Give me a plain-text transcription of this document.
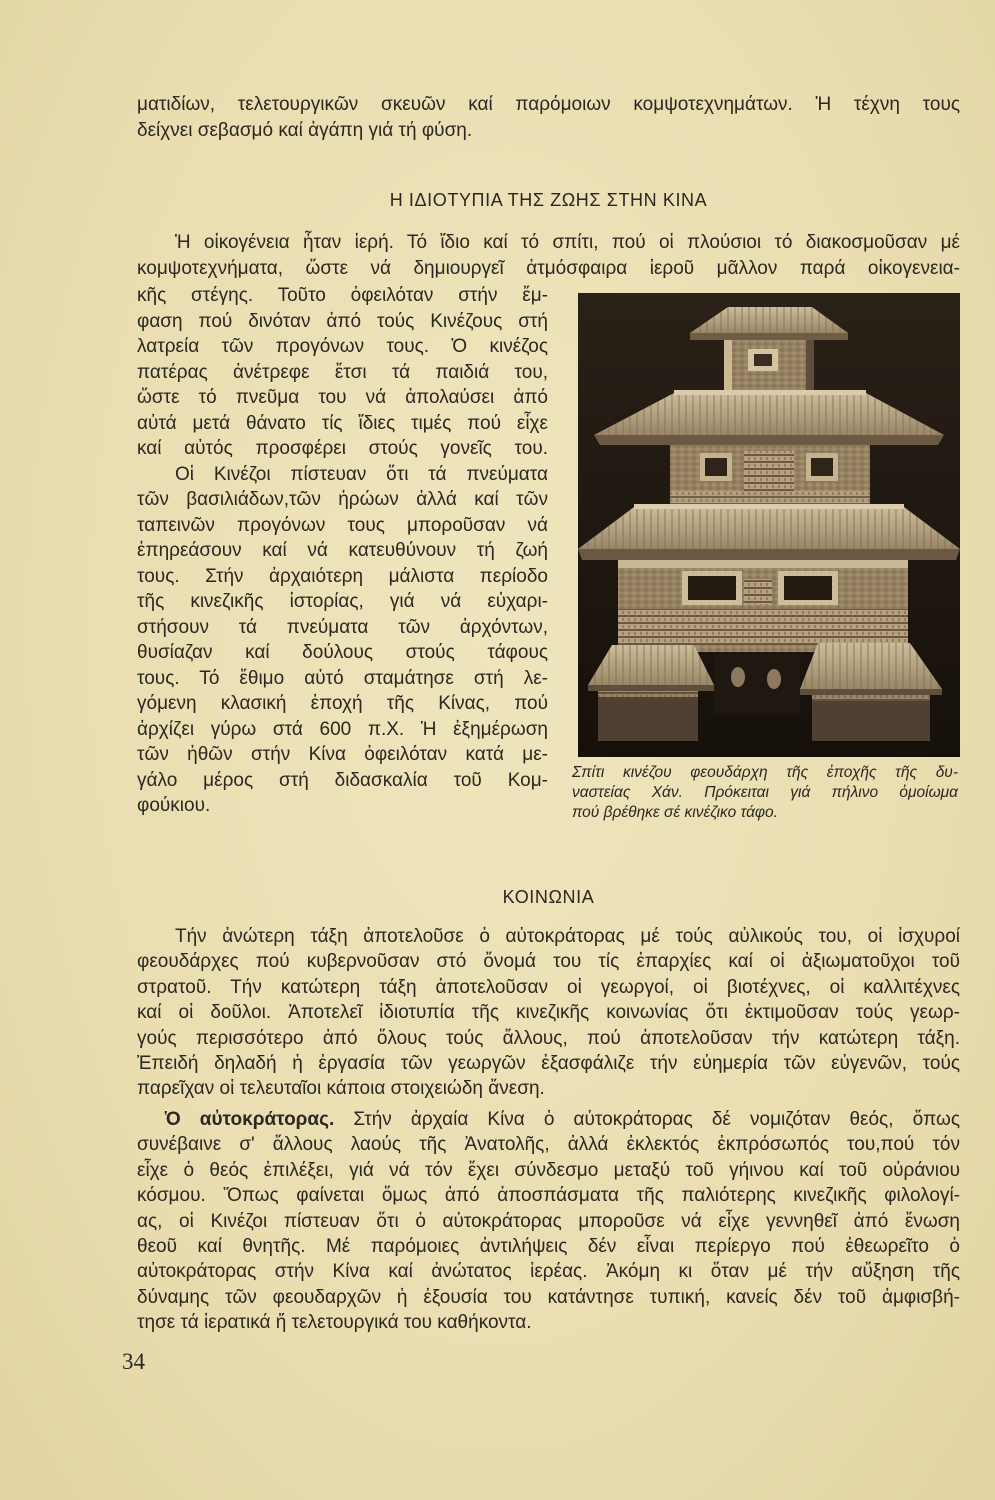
ματιδίων, τελετουργικῶν σκευῶν καί παρόμοιων κομψοτεχνημάτων. Ἡ τέχνη τους
δείχνει σεβασμό καί ἀγάπη γιά τή φύση.
Η ΙΔΙΟΤΥΠΙΑ ΤΗΣ ΖΩΗΣ ΣΤΗΝ ΚΙΝΑ
Ἡ οἰκογένεια ἦταν ἱερή. Τό ἴδιο καί τό σπίτι, πού οἱ πλούσιοι τό διακοσμοῦσαν μέ
κομψοτεχνήματα, ὥστε νά δημιουργεῖ ἀτμόσφαιρα ἱεροῦ μᾶλλον παρά οἰκογενεια-
κῆς στέγης. Τοῦτο ὀφειλόταν στήν ἔμ-
φαση πού δινόταν ἀπό τούς Κινέζους στή
λατρεία τῶν προγόνων τους. Ὁ κινέζος
πατέρας ἀνέτρεφε ἔτσι τά παιδιά του,
ὥστε τό πνεῦμα του νά ἀπολαύσει ἀπό
αὐτά μετά θάνατο τίς ἴδιες τιμές πού εἶχε
καί αὐτός προσφέρει στούς γονεῖς του.
Οἱ Κινέζοι πίστευαν ὅτι τά πνεύματα
τῶν βασιλιάδων,τῶν ἡρώων ἀλλά καί τῶν
ταπεινῶν προγόνων τους μποροῦσαν νά
ἐπηρεάσουν καί νά κατευθύνουν τή ζωή
τους. Στήν ἀρχαιότερη μάλιστα περίοδο
τῆς κινεζικῆς ἱστορίας, γιά νά εὐχαρι-
στήσουν τά πνεύματα τῶν ἀρχόντων,
θυσίαζαν καί δούλους στούς τάφους
τους. Τό ἔθιμο αὐτό σταμάτησε στή λε-
γόμενη κλασική ἐποχή τῆς Κίνας, πού
ἀρχίζει γύρω στά 600 π.Χ. Ἡ ἐξημέρωση
τῶν ἠθῶν στήν Κίνα ὀφειλόταν κατά με-
γάλο μέρος στή διδασκαλία τοῦ Κομ-
φούκιου.
Σπίτι κινέζου φεουδάρχη τῆς ἐποχῆς τῆς δυ-
ναστείας Χάν. Πρόκειται γιά πήλινο ὁμοίωμα
πού βρέθηκε σέ κινέζικο τάφο.
ΚΟΙΝΩΝΙΑ
Τήν ἀνώτερη τάξη ἀποτελοῦσε ὁ αὐτοκράτορας μέ τούς αὐλικούς του, οἱ ἰσχυροί
φεουδάρχες πού κυβερνοῦσαν στό ὄνομά του τίς ἐπαρχίες καί οἱ ἀξιωματοῦχοι τοῦ
στρατοῦ. Τήν κατώτερη τάξη ἀποτελοῦσαν οἱ γεωργοί, οἱ βιοτέχνες, οἱ καλλιτέχνες
καί οἱ δοῦλοι. Ἀποτελεῖ ἰδιοτυπία τῆς κινεζικῆς κοινωνίας ὅτι ἐκτιμοῦσαν τούς γεωρ-
γούς περισσότερο ἀπό ὅλους τούς ἄλλους, πού ἀποτελοῦσαν τήν κατώτερη τάξη.
Ἐπειδή δηλαδή ἡ ἐργασία τῶν γεωργῶν ἐξασφάλιζε τήν εὐημερία τῶν εὐγενῶν, τούς
παρεῖχαν οἱ τελευταῖοι κάποια στοιχειώδη ἄνεση.
Ὁ αὐτοκράτορας. Στήν ἀρχαία Κίνα ὁ αὐτοκράτορας δέ νομιζόταν θεός, ὅπως
συνέβαινε σ' ἄλλους λαούς τῆς Ἀνατολῆς, ἀλλά ἐκλεκτός ἐκπρόσωπός του,πού τόν
εἶχε ὁ θεός ἐπιλέξει, γιά νά τόν ἔχει σύνδεσμο μεταξύ τοῦ γήινου καί τοῦ οὐράνιου
κόσμου. Ὅπως φαίνεται ὅμως ἀπό ἀποσπάσματα τῆς παλιότερης κινεζικῆς φιλολογί-
ας, οἱ Κινέζοι πίστευαν ὅτι ὁ αὐτοκράτορας μποροῦσε νά εἶχε γεννηθεῖ ἀπό ἕνωση
θεοῦ καί θνητῆς. Μέ παρόμοιες ἀντιλήψεις δέν εἶναι περίεργο πού ἐθεωρεῖτο ὁ
αὐτοκράτορας στήν Κίνα καί ἀνώτατος ἱερέας. Ἀκόμη κι ὅταν μέ τήν αὔξηση τῆς
δύναμης τῶν φεουδαρχῶν ἡ ἐξουσία του κατάντησε τυπική, κανείς δέν τοῦ ἀμφισβή-
τησε τά ἱερατικά ἤ τελετουργικά του καθήκοντα.
34
